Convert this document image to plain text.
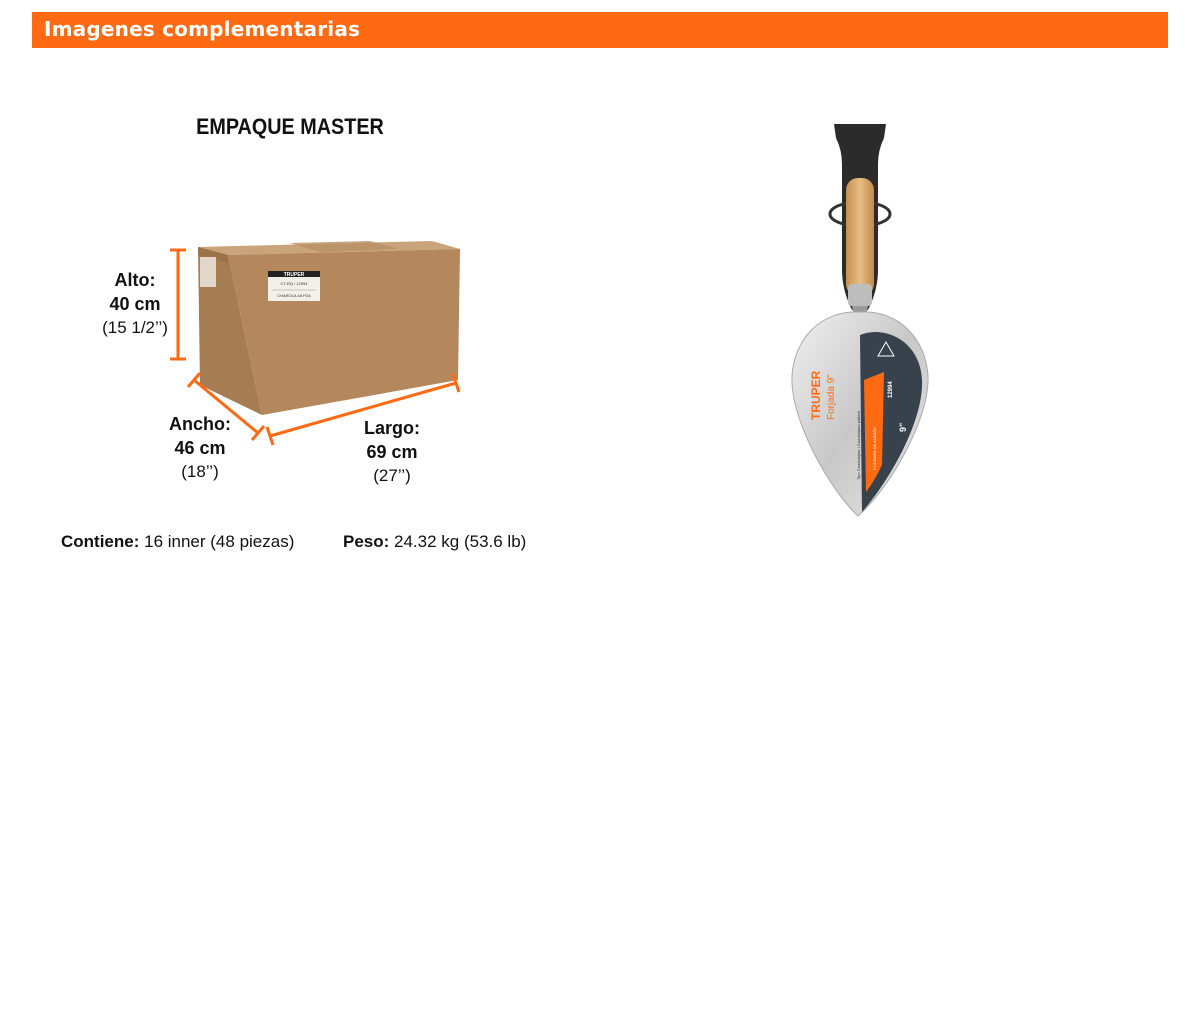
Imagenes complementarias
EMPAQUE MASTER
TRUPER
CT-RQ / 12994
CHAROLA 48 PZA
Alto:
40 cm
(15 1/2’’)
Ancho:
46 cm
(18’’)
Largo:
69 cm
(27’’)
Contiene: 16 inner (48 piezas)	Peso: 24.32 kg (53.6 lb)
TRUPER Forjada 9"	12994
9"
Tipo Guadalajara | Guadalajara pattern	CUCHARA DE ALBAÑIL
